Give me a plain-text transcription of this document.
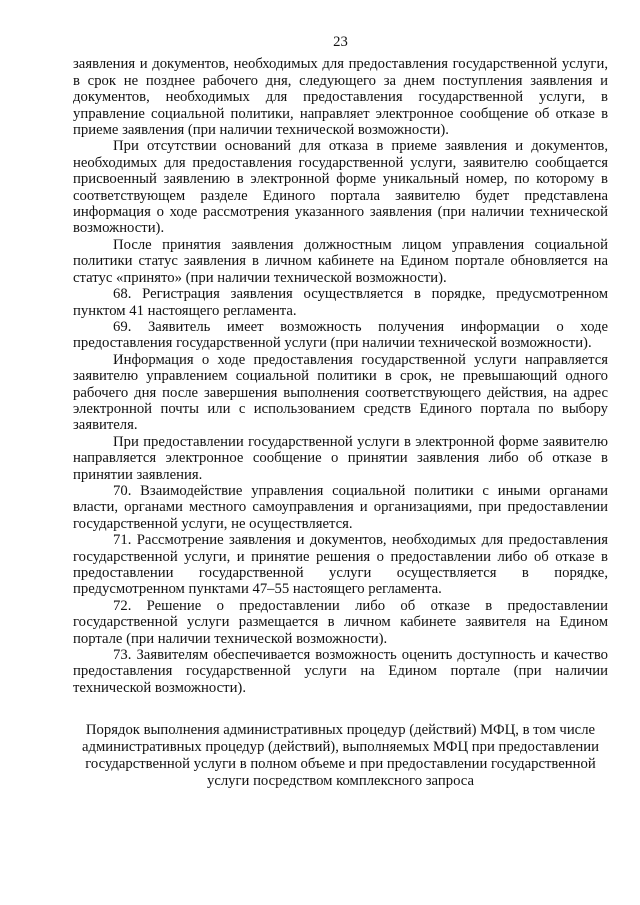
23

заявления и документов, необходимых для предоставления государственной услуги, в срок не позднее рабочего дня, следующего за днем поступления заявления и документов, необходимых для предоставления государственной услуги, в управление социальной политики, направляет электронное сообщение об отказе в приеме заявления (при наличии технической возможности).

При отсутствии оснований для отказа в приеме заявления и документов, необходимых для предоставления государственной услуги, заявителю сообщается присвоенный заявлению в электронной форме уникальный номер, по которому в соответствующем разделе Единого портала заявителю будет представлена информация о ходе рассмотрения указанного заявления (при наличии технической возможности).

После принятия заявления должностным лицом управления социальной политики статус заявления в личном кабинете на Едином портале обновляется на статус «принято» (при наличии технической возможности).

68. Регистрация заявления осуществляется в порядке, предусмотренном пунктом 41 настоящего регламента.

69. Заявитель имеет возможность получения информации о ходе предоставления государственной услуги (при наличии технической возможности).

Информация о ходе предоставления государственной услуги направляется заявителю управлением социальной политики в срок, не превышающий одного рабочего дня после завершения выполнения соответствующего действия, на адрес электронной почты или с использованием средств Единого портала по выбору заявителя.

При предоставлении государственной услуги в электронной форме заявителю направляется электронное сообщение о принятии заявления либо об отказе в принятии заявления.

70. Взаимодействие управления социальной политики с иными органами власти, органами местного самоуправления и организациями, при предоставлении государственной услуги, не осуществляется.

71. Рассмотрение заявления и документов, необходимых для предоставления государственной услуги, и принятие решения о предоставлении либо об отказе в предоставлении государственной услуги осуществляется в порядке, предусмотренном пунктами 47–55 настоящего регламента.

72. Решение о предоставлении либо об отказе в предоставлении государственной услуги размещается в личном кабинете заявителя на Едином портале (при наличии технической возможности).

73. Заявителям обеспечивается возможность оценить доступность и качество предоставления государственной услуги на Едином портале (при наличии технической возможности).

Порядок выполнения административных процедур (действий) МФЦ, в том числе
административных процедур (действий), выполняемых МФЦ при предоставлении
государственной услуги в полном объеме и при предоставлении государственной
услуги посредством комплексного запроса
